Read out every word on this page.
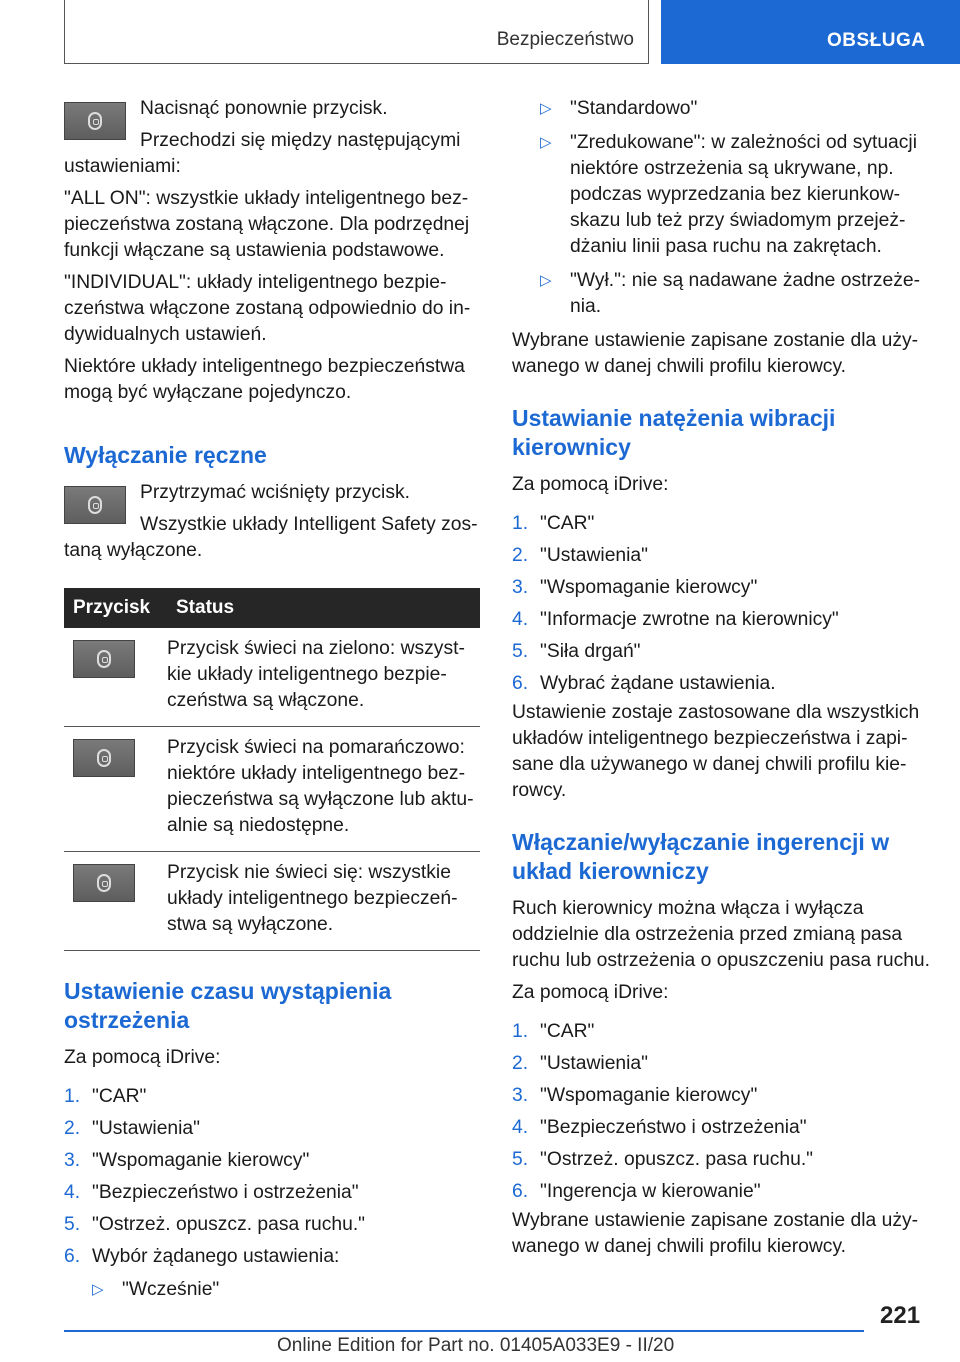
Bezpieczeństwo	OBSŁUGA

Nacisnąć ponownie przycisk.

Przechodzi się między następującymi ustawieniami:

"ALL ON": wszystkie układy inteligentnego bezpieczeństwa zostaną włączone. Dla podrzędnej funkcji włączane są ustawienia podstawowe.

"INDIVIDUAL": układy inteligentnego bezpieczeństwa włączone zostaną odpowiednio do indywidualnych ustawień.

Niektóre układy inteligentnego bezpieczeństwa mogą być wyłączane pojedynczo.

Wyłączanie ręczne

Przytrzymać wciśnięty przycisk.

Wszystkie układy Intelligent Safety zostaną wyłączone.

Przycisk	Status

	Przycisk świeci na zielono: wszystkie układy inteligentnego bezpieczeństwa są włączone.

	Przycisk świeci na pomarańczowo: niektóre układy inteligentnego bezpieczeństwa są wyłączone lub aktualnie są niedostępne.

	Przycisk nie świeci się: wszystkie układy inteligentnego bezpieczeństwa są wyłączone.
Ustawienie czasu wystąpienia ostrzeżenia

Za pomocą iDrive:

1. "CAR"
2. "Ustawienia"
3. "Wspomaganie kierowcy"
4. "Bezpieczeństwo i ostrzeżenia"
5. "Ostrzeż. opuszcz. pasa ruchu."
6. Wybór żądanego ustawienia:
▷ "Wcześnie"
▷ "Standardowo"
▷ "Zredukowane": w zależności od sytuacji niektóre ostrzeżenia są ukrywane, np. podczas wyprzedzania bez kierunkowskazu lub też przy świadomym przejeżdżaniu linii pasa ruchu na zakrętach.
▷ "Wył.": nie są nadawane żadne ostrzeżenia.

Wybrane ustawienie zapisane zostanie dla używanego w danej chwili profilu kierowcy.

Ustawianie natężenia wibracji kierownicy

Za pomocą iDrive:

1. "CAR"
2. "Ustawienia"
3. "Wspomaganie kierowcy"
4. "Informacje zwrotne na kierownicy"
5. "Siła drgań"
6. Wybrać żądane ustawienia.

Ustawienie zostaje zastosowane dla wszystkich układów inteligentnego bezpieczeństwa i zapisane dla używanego w danej chwili profilu kierowcy.

Włączanie/wyłączanie ingerencji w układ kierowniczy

Ruch kierownicy można włącza i wyłącza oddzielnie dla ostrzeżenia przed zmianą pasa ruchu lub ostrzeżenia o opuszczeniu pasa ruchu.

Za pomocą iDrive:

1. "CAR"
2. "Ustawienia"
3. "Wspomaganie kierowcy"
4. "Bezpieczeństwo i ostrzeżenia"
5. "Ostrzeż. opuszcz. pasa ruchu."
6. "Ingerencja w kierowanie"

Wybrane ustawienie zapisane zostanie dla używanego w danej chwili profilu kierowcy.

221
Online Edition for Part no. 01405A033E9 - II/20
